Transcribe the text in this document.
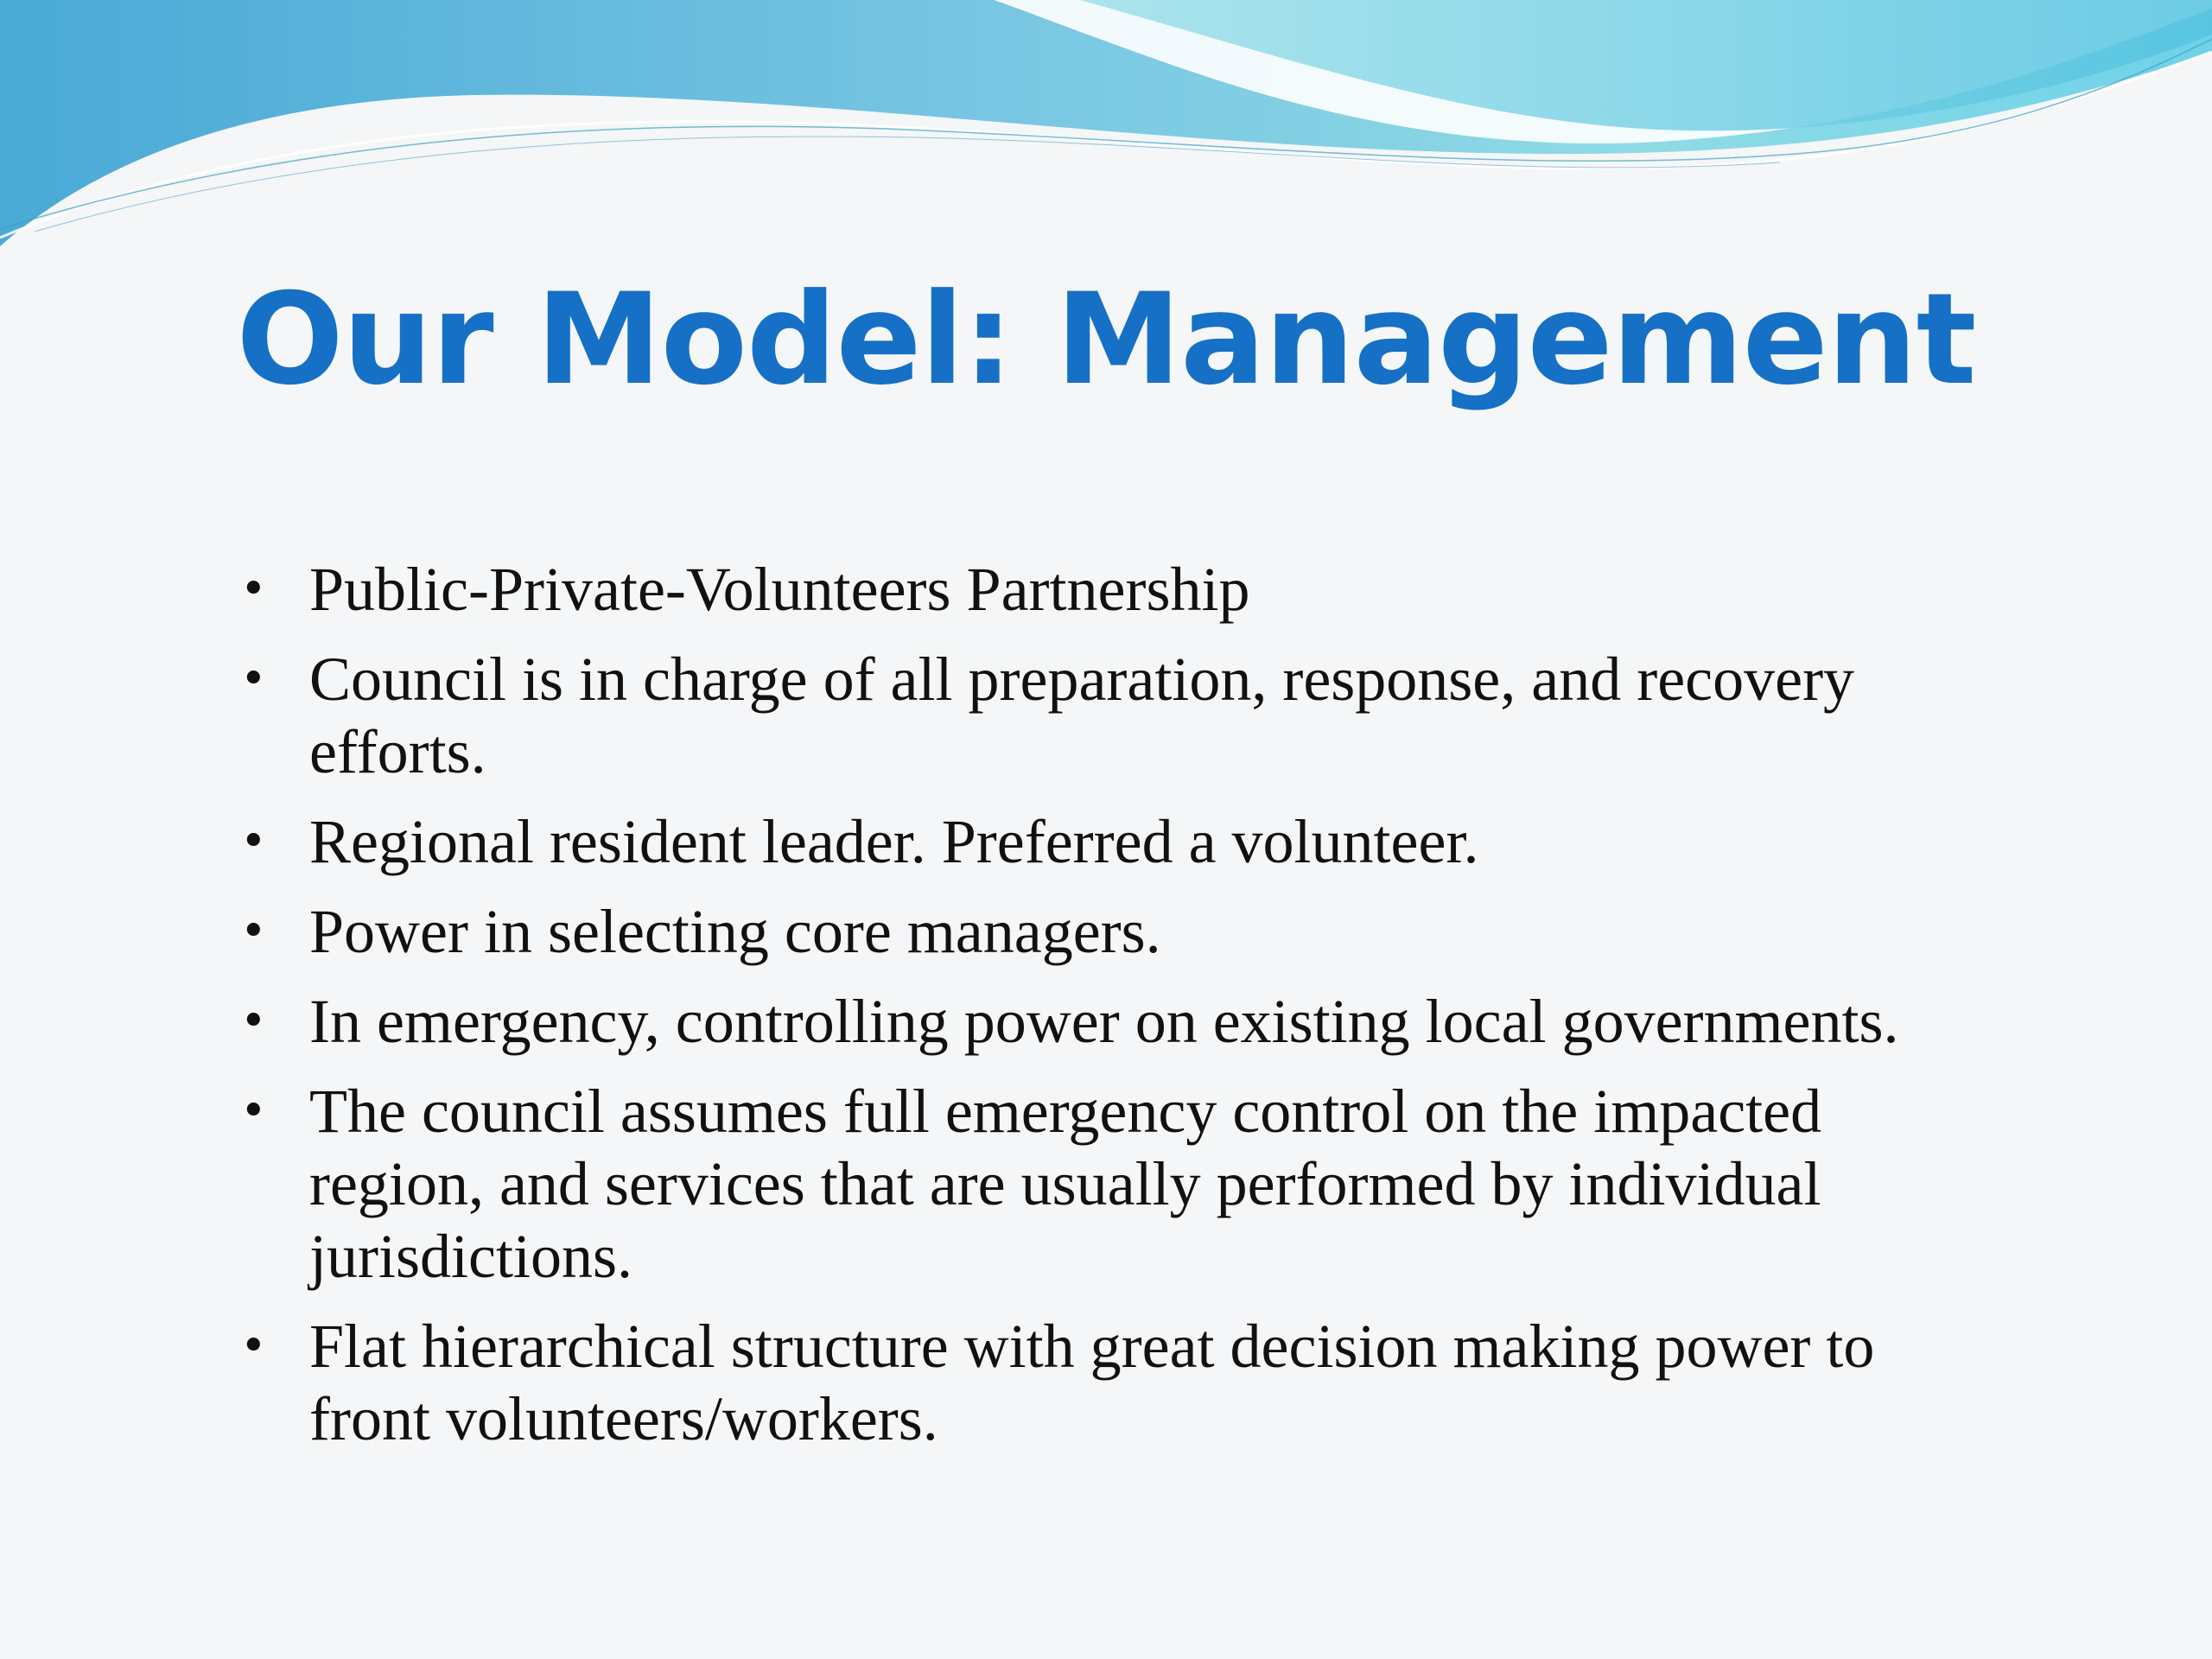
Our Model: Management
• Public-Private-Volunteers Partnership
• Council is in charge of all preparation, response, and recovery efforts.
• Regional resident leader. Preferred a volunteer.
• Power in selecting core managers.
• In emergency, controlling power on existing local governments.
• The council assumes full emergency control on the impacted region, and services that are usually performed by individual jurisdictions.
• Flat hierarchical structure with great decision making power to front volunteers/workers.
